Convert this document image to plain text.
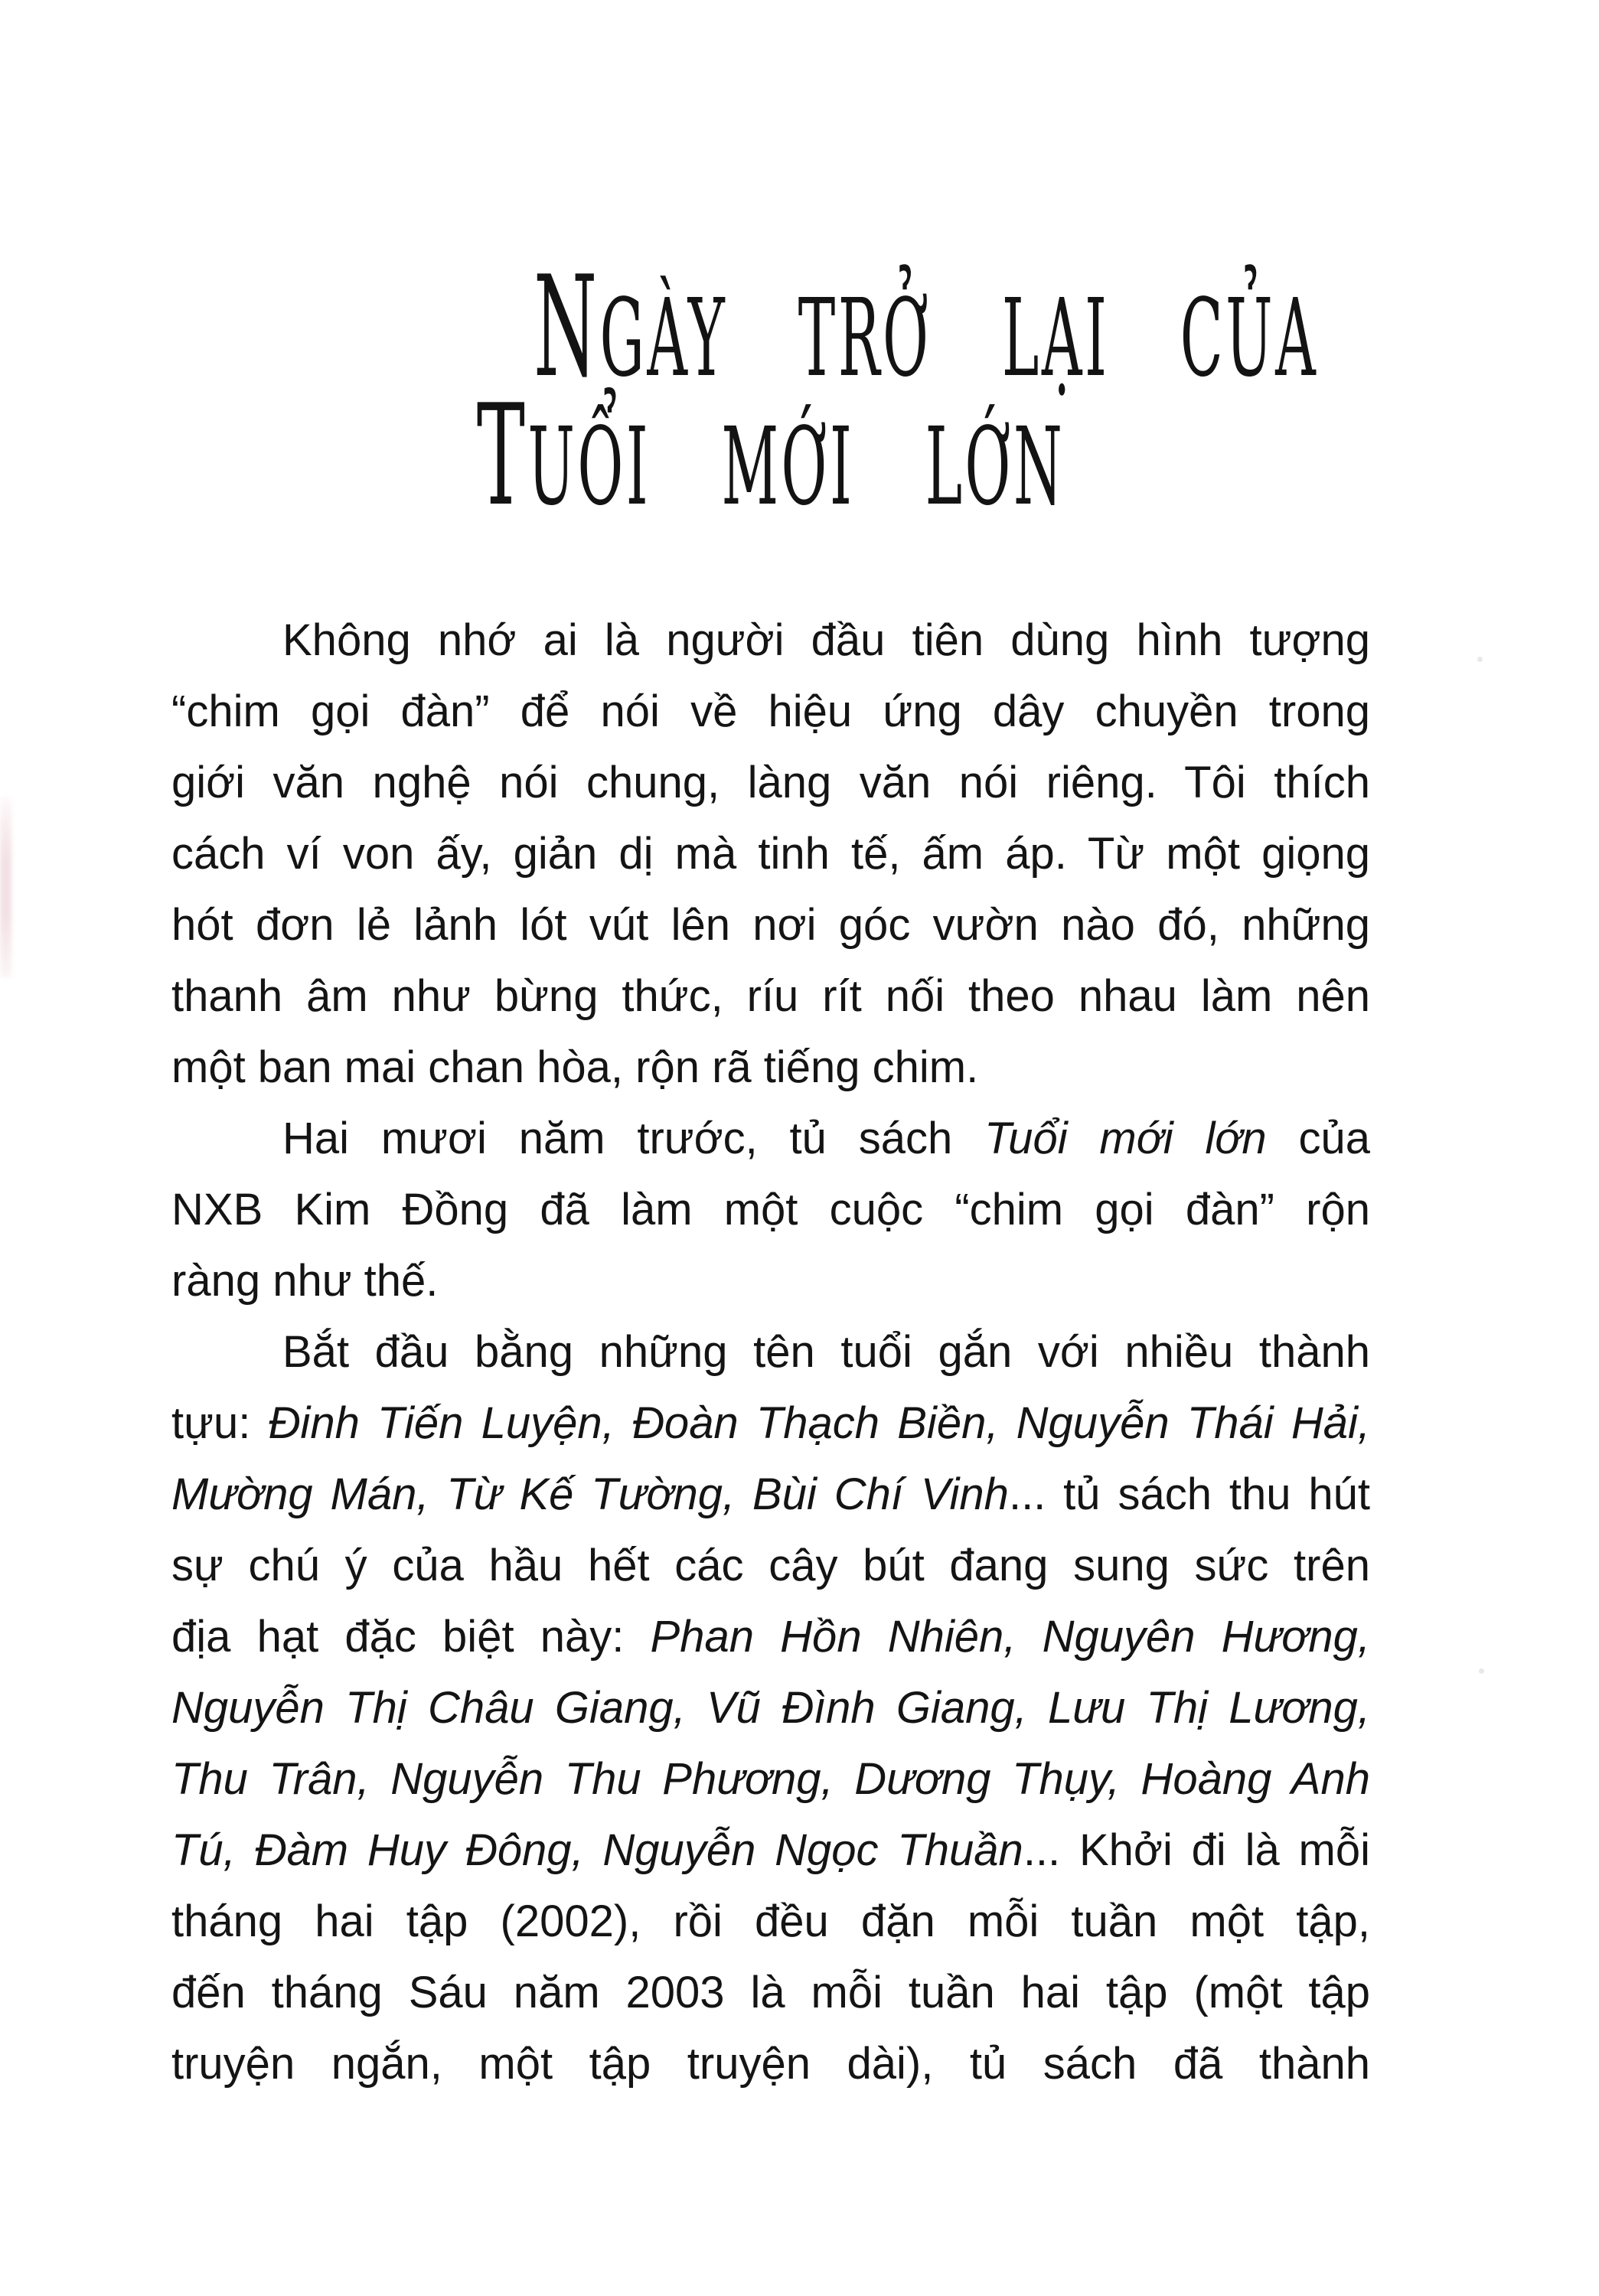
NGÀY TRỞ LẠI CỦA
TUỔI MỚI LỚN
Không nhớ ai là người đầu tiên dùng hình tượng
“chim gọi đàn” để nói về hiệu ứng dây chuyền trong
giới văn nghệ nói chung, làng văn nói riêng. Tôi thích
cách ví von ấy, giản dị mà tinh tế, ấm áp. Từ một giọng
hót đơn lẻ lảnh lót vút lên nơi góc vườn nào đó, những
thanh âm như bừng thức, ríu rít nối theo nhau làm nên
một ban mai chan hòa, rộn rã tiếng chim.
Hai mươi năm trước, tủ sách Tuổi mới lớn của
NXB Kim Đồng đã làm một cuộc “chim gọi đàn” rộn
ràng như thế.
Bắt đầu bằng những tên tuổi gắn với nhiều thành
tựu: Đinh Tiến Luyện, Đoàn Thạch Biền, Nguyễn Thái Hải,
Mường Mán, Từ Kế Tường, Bùi Chí Vinh... tủ sách thu hút
sự chú ý của hầu hết các cây bút đang sung sức trên
địa hạt đặc biệt này: Phan Hồn Nhiên, Nguyên Hương,
Nguyễn Thị Châu Giang, Vũ Đình Giang, Lưu Thị Lương,
Thu Trân, Nguyễn Thu Phương, Dương Thụy, Hoàng Anh
Tú, Đàm Huy Đông, Nguyễn Ngọc Thuần... Khởi đi là mỗi
tháng hai tập (2002), rồi đều đặn mỗi tuần một tập,
đến tháng Sáu năm 2003 là mỗi tuần hai tập (một tập
truyện ngắn, một tập truyện dài), tủ sách đã thành
